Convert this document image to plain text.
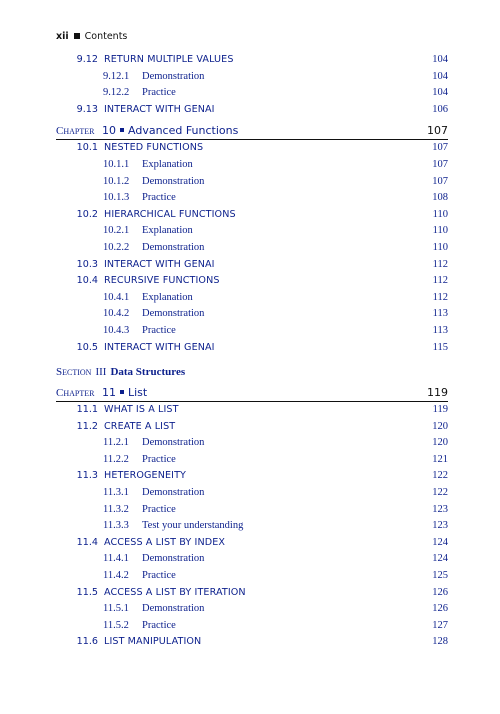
xii Contents
9.12 RETURN MULTIPLE VALUES	104
9.12.1 Demonstration	104
9.12.2 Practice	104
9.13 INTERACT WITH GENAI	106
Chapter 10 Advanced Functions	107
10.1 NESTED FUNCTIONS	107
10.1.1 Explanation	107
10.1.2 Demonstration	107
10.1.3 Practice	108
10.2 HIERARCHICAL FUNCTIONS	110
10.2.1 Explanation	110
10.2.2 Demonstration	110
10.3 INTERACT WITH GENAI	112
10.4 RECURSIVE FUNCTIONS	112
10.4.1 Explanation	112
10.4.2 Demonstration	113
10.4.3 Practice	113
10.5 INTERACT WITH GENAI	115
Section III Data Structures
Chapter 11 List	119
11.1 WHAT IS A LIST	119
11.2 CREATE A LIST	120
11.2.1 Demonstration	120
11.2.2 Practice	121
11.3 HETEROGENEITY	122
11.3.1 Demonstration	122
11.3.2 Practice	123
11.3.3 Test your understanding	123
11.4 ACCESS A LIST BY INDEX	124
11.4.1 Demonstration	124
11.4.2 Practice	125
11.5 ACCESS A LIST BY ITERATION	126
11.5.1 Demonstration	126
11.5.2 Practice	127
11.6 LIST MANIPULATION	128
